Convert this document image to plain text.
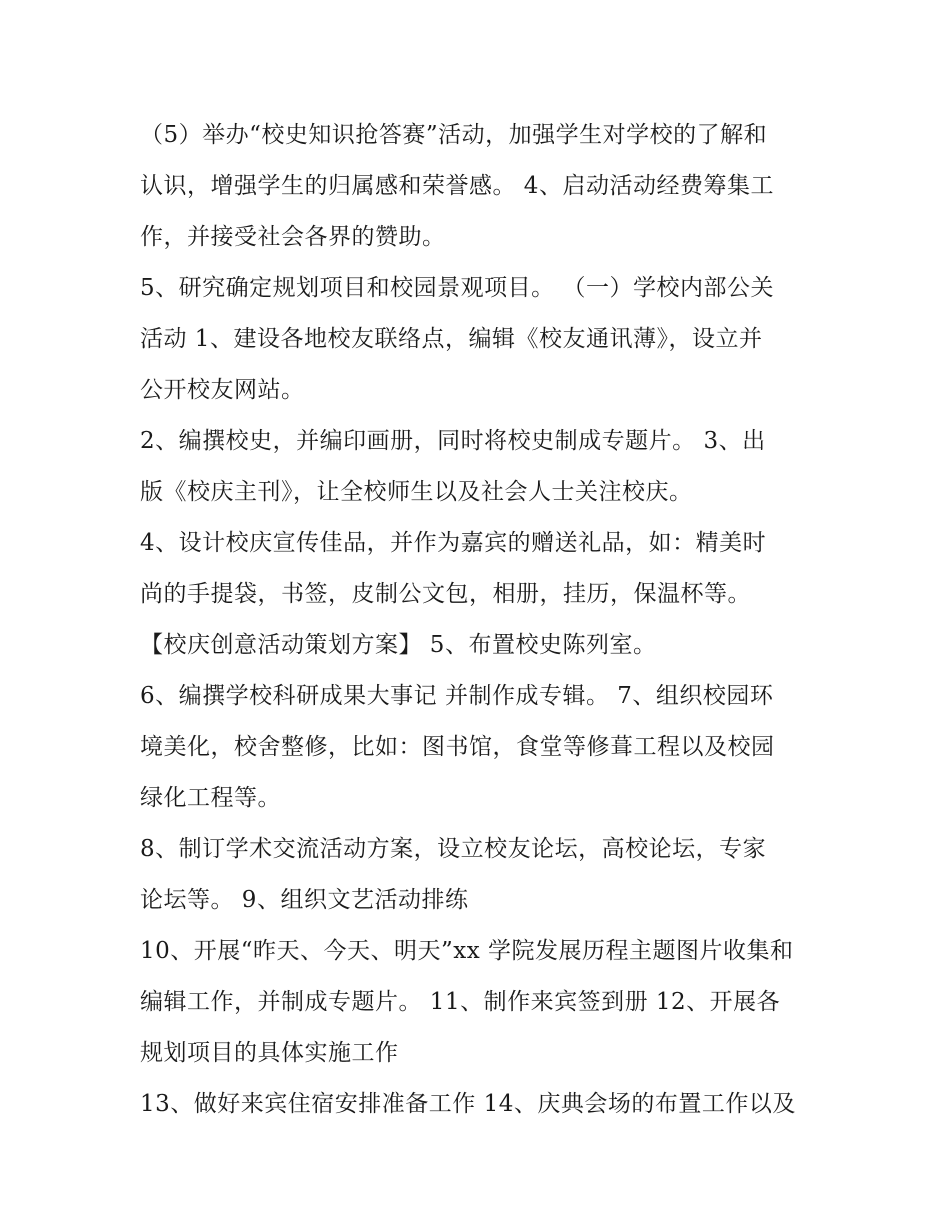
（5）举办“校史知识抢答赛”活动，加强学生对学校的了解和
认识，增强学生的归属感和荣誉感。 4、启动活动经费筹集工
作，并接受社会各界的赞助。
5、研究确定规划项目和校园景观项目。 （一）学校内部公关
活动 1、建设各地校友联络点，编辑《校友通讯薄》，设立并
公开校友网站。
2、编撰校史，并编印画册，同时将校史制成专题片。 3、出
版《校庆主刊》，让全校师生以及社会人士关注校庆。
4、设计校庆宣传佳品，并作为嘉宾的赠送礼品，如：精美时
尚的手提袋，书签，皮制公文包，相册，挂历，保温杯等。
【校庆创意活动策划方案】 5、布置校史陈列室。
6、编撰学校科研成果大事记 并制作成专辑。 7、组织校园环
境美化，校舍整修，比如：图书馆，食堂等修葺工程以及校园
绿化工程等。
8、制订学术交流活动方案，设立校友论坛，高校论坛，专家
论坛等。 9、组织文艺活动排练
10、开展“昨天、今天、明天”xx 学院发展历程主题图片收集和
编辑工作，并制成专题片。 11、制作来宾签到册 12、开展各
规划项目的具体实施工作
13、做好来宾住宿安排准备工作 14、庆典会场的布置工作以及
